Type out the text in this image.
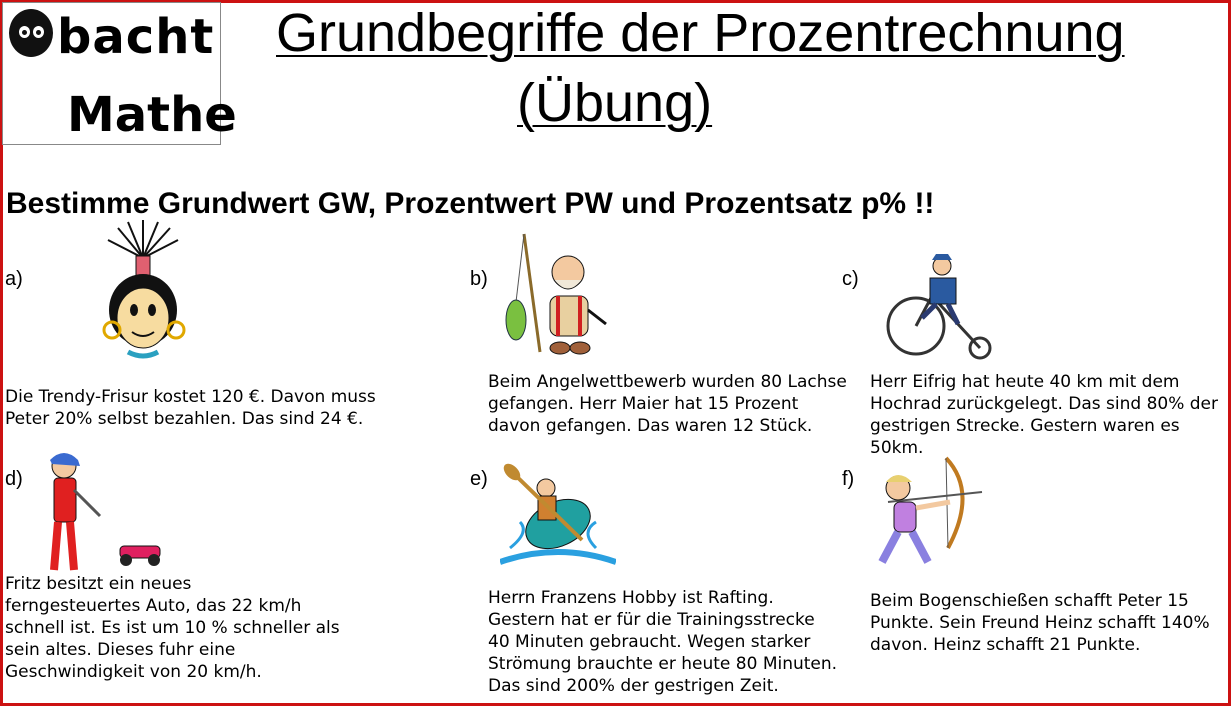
bacht
Mathe
Grundbegriffe der Prozentrechnung
(Übung)
Bestimme Grundwert GW, Prozentwert PW und Prozentsatz p% !!
a)
Die Trendy-Frisur kostet 120 €. Davon muss
Peter 20% selbst bezahlen. Das sind 24 €.
b)
Beim Angelwettbewerb wurden 80 Lachse
gefangen. Herr Maier hat 15 Prozent
davon gefangen. Das waren 12 Stück.
c)
Herr Eifrig hat heute 40 km mit dem
Hochrad zurückgelegt. Das sind 80% der
gestrigen Strecke. Gestern waren es
50km.
d)
Fritz besitzt ein neues
ferngesteuertes Auto, das 22 km/h
schnell ist. Es ist um 10 % schneller als
sein altes. Dieses fuhr eine
Geschwindigkeit von 20 km/h.
e)
Herrn Franzens Hobby ist Rafting.
Gestern hat er für die Trainingsstrecke
40 Minuten gebraucht. Wegen starker
Strömung brauchte er heute 80 Minuten.
Das sind 200% der gestrigen Zeit.
f)
Beim Bogenschießen schafft Peter 15
Punkte. Sein Freund Heinz schafft 140%
davon. Heinz schafft 21 Punkte.
